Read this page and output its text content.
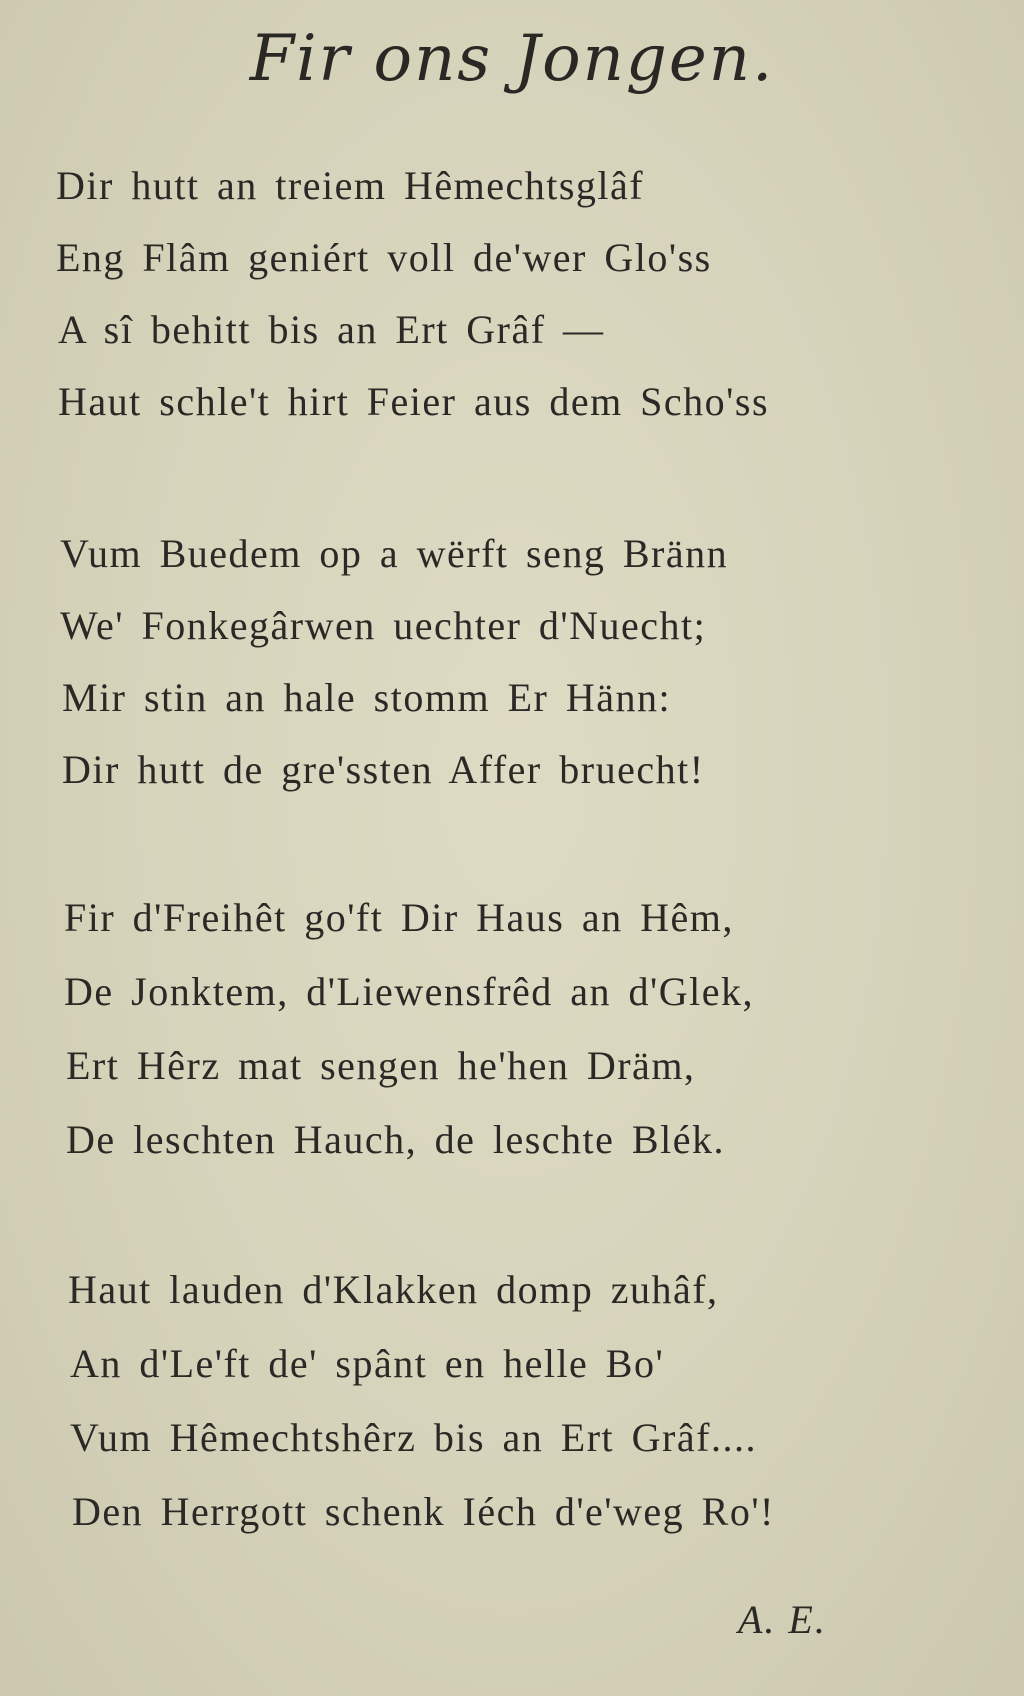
Fir ons Jongen.
Dir hutt an treiem Hêmechtsglâf
Eng Flâm geniért voll de'wer Glo'ss
A sî behitt bis an Ert Grâf —
Haut schle't hirt Feier aus dem Scho'ss
Vum Buedem op a wërft seng Bränn
We' Fonkegârwen uechter d'Nuecht;
Mir stin an hale stomm Er Hänn:
Dir hutt de gre'ssten Affer bruecht!
Fir d'Freihêt go'ft Dir Haus an Hêm,
De Jonktem, d'Liewensfrêd an d'Glek,
Ert Hêrz mat sengen he'hen Dräm,
De leschten Hauch, de leschte Blék.
Haut lauden d'Klakken domp zuhâf,
An d'Le'ft de' spânt en helle Bo'
Vum Hêmechtshêrz bis an Ert Grâf....
Den Herrgott schenk Iéch d'e'weg Ro'!
A. E.
